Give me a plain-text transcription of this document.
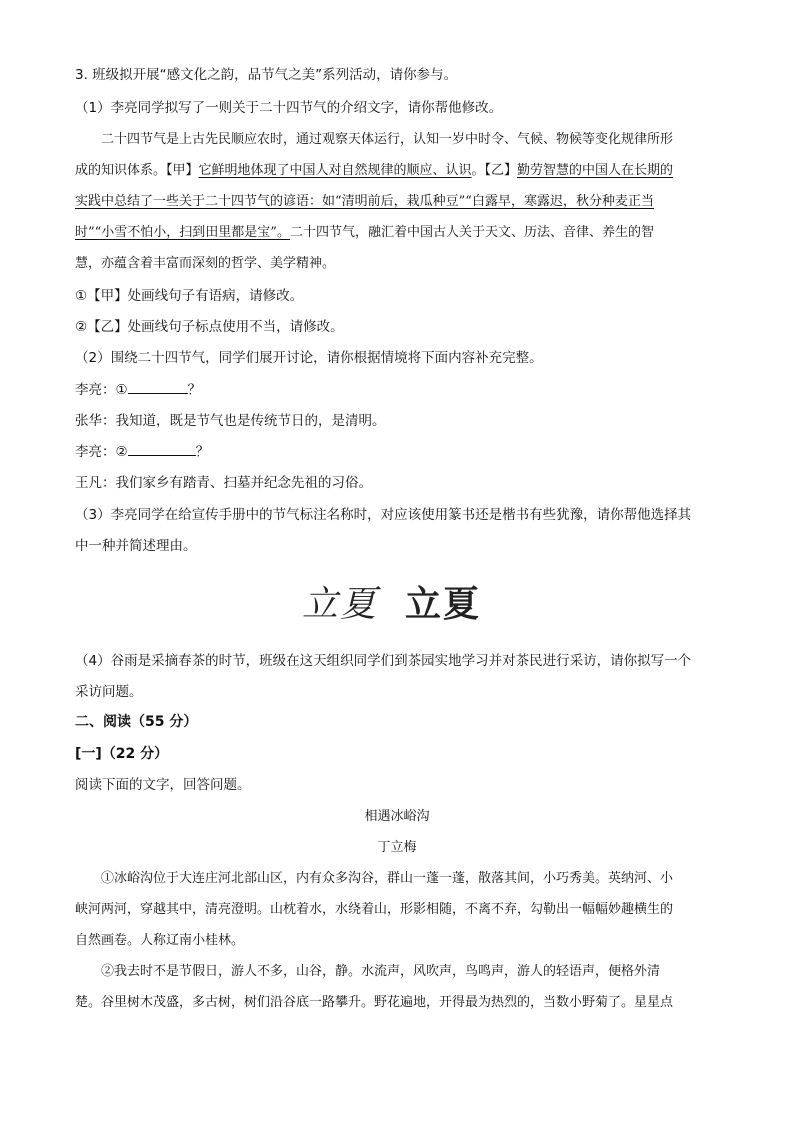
3. 班级拟开展“感文化之韵，品节气之美”系列活动，请你参与。
（1）李亮同学拟写了一则关于二十四节气的介绍文字，请你帮他修改。
二十四节气是上古先民顺应农时，通过观察天体运行，认知一岁中时令、气候、物候等变化规律所形
成的知识体系。【甲】它鲜明地体现了中国人对自然规律的顺应、认识。【乙】勤劳智慧的中国人在长期的
实践中总结了一些关于二十四节气的谚语：如“清明前后，栽瓜种豆”“白露早，寒露迟，秋分种麦正当
时”“小雪不怕小，扫到田里都是宝”。二十四节气，融汇着中国古人关于天文、历法、音律、养生的智
慧，亦蕴含着丰富而深刻的哲学、美学精神。
①【甲】处画线句子有语病，请修改。
②【乙】处画线句子标点使用不当，请修改。
（2）围绕二十四节气，同学们展开讨论，请你根据情境将下面内容补充完整。
李亮：①	？
张华：我知道，既是节气也是传统节日的，是清明。
李亮：②	？
王凡：我们家乡有踏青、扫墓并纪念先祖的习俗。
（3）李亮同学在给宣传手册中的节气标注名称时，对应该使用篆书还是楷书有些犹豫，请你帮他选择其
中一种并简述理由。
立夏 立夏
（4）谷雨是采摘春茶的时节，班级在这天组织同学们到茶园实地学习并对茶民进行采访，请你拟写一个
采访问题。
二、阅读（55 分）
[一]（22 分）
阅读下面的文字，回答问题。
相遇冰峪沟
丁立梅
①冰峪沟位于大连庄河北部山区，内有众多沟谷，群山一蓬一蓬，散落其间，小巧秀美。英纳河、小
峡河两河，穿越其中，清亮澄明。山枕着水，水绕着山，形影相随，不离不弃，勾勒出一幅幅妙趣横生的
自然画卷。人称辽南小桂林。
②我去时不是节假日，游人不多，山谷，静。水流声，风吹声，鸟鸣声，游人的轻语声，便格外清
楚。谷里树木茂盛，多古树，树们沿谷底一路攀升。野花遍地，开得最为热烈的，当数小野菊了。星星点
